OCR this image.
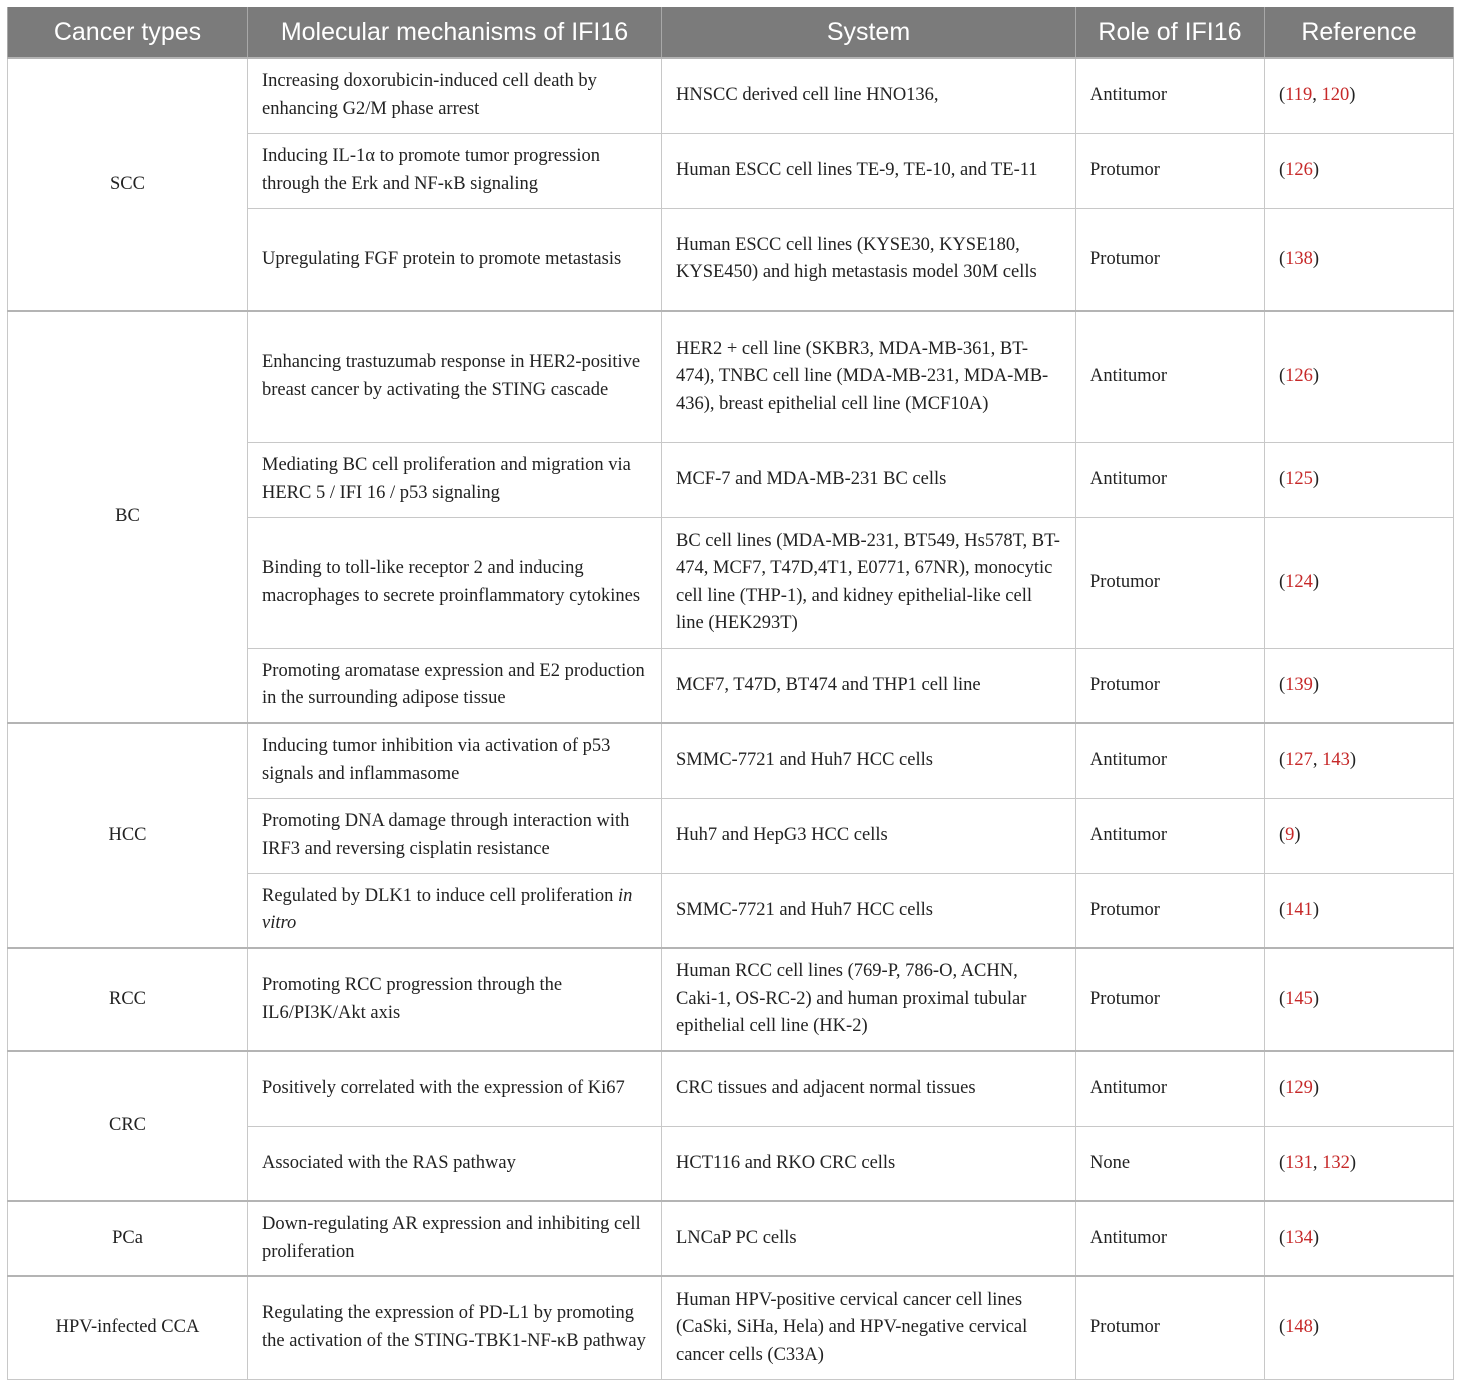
Cancer types	Molecular mechanisms of IFI16	System	Role of IFI16	Reference
SCC	Increasing doxorubicin-induced cell death by enhancing G2/M phase arrest	HNSCC derived cell line HNO136,	Antitumor	(119, 120)
	Inducing IL-1α to promote tumor progression through the Erk and NF-κB signaling	Human ESCC cell lines TE-9, TE-10, and TE-11	Protumor	(126)
	Upregulating FGF protein to promote metastasis	Human ESCC cell lines (KYSE30, KYSE180, KYSE450) and high metastasis model 30M cells	Protumor	(138)
BC	Enhancing trastuzumab response in HER2-positive breast cancer by activating the STING cascade	HER2 + cell line (SKBR3, MDA-MB-361, BT-474), TNBC cell line (MDA-MB-231, MDA-MB-436), breast epithelial cell line (MCF10A)	Antitumor	(126)
	Mediating BC cell proliferation and migration via HERC 5 / IFI 16 / p53 signaling	MCF-7 and MDA-MB-231 BC cells	Antitumor	(125)
	Binding to toll-like receptor 2 and inducing macrophages to secrete proinflammatory cytokines	BC cell lines (MDA-MB-231, BT549, Hs578T, BT-474, MCF7, T47D,4T1, E0771, 67NR), monocytic cell line (THP-1), and kidney epithelial-like cell line (HEK293T)	Protumor	(124)
	Promoting aromatase expression and E2 production in the surrounding adipose tissue	MCF7, T47D, BT474 and THP1 cell line	Protumor	(139)
HCC	Inducing tumor inhibition via activation of p53 signals and inflammasome	SMMC-7721 and Huh7 HCC cells	Antitumor	(127, 143)
	Promoting DNA damage through interaction with IRF3 and reversing cisplatin resistance	Huh7 and HepG3 HCC cells	Antitumor	(9)
	Regulated by DLK1 to induce cell proliferation in vitro	SMMC-7721 and Huh7 HCC cells	Protumor	(141)
RCC	Promoting RCC progression through the IL6/PI3K/Akt axis	Human RCC cell lines (769-P, 786-O, ACHN, Caki-1, OS-RC-2) and human proximal tubular epithelial cell line (HK-2)	Protumor	(145)
CRC	Positively correlated with the expression of Ki67	CRC tissues and adjacent normal tissues	Antitumor	(129)
	Associated with the RAS pathway	HCT116 and RKO CRC cells	None	(131, 132)
PCa	Down-regulating AR expression and inhibiting cell proliferation	LNCaP PC cells	Antitumor	(134)
HPV-infected CCA	Regulating the expression of PD-L1 by promoting the activation of the STING-TBK1-NF-κB pathway	Human HPV-positive cervical cancer cell lines (CaSki, SiHa, Hela) and HPV-negative cervical cancer cells (C33A)	Protumor	(148)
